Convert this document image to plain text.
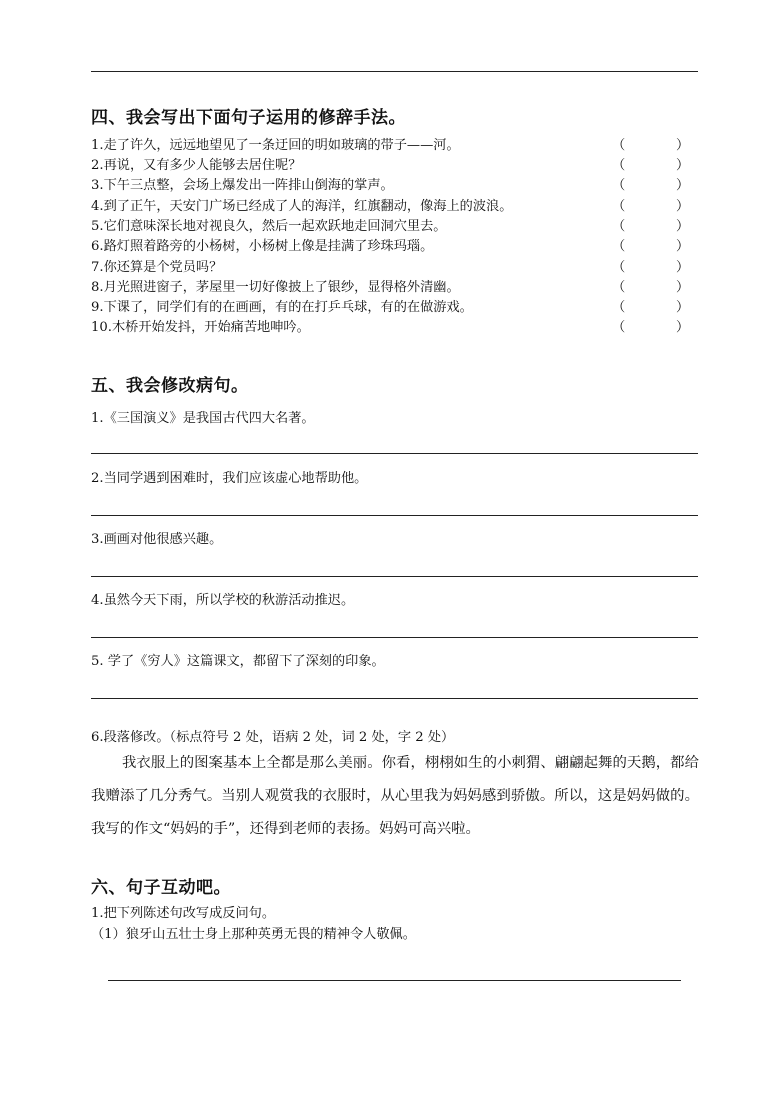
四、我会写出下面句子运用的修辞手法。
1.走了许久，远远地望见了一条迂回的明如玻璃的带子——河。	（	）
2.再说，又有多少人能够去居住呢？	（	）
3.下午三点整，会场上爆发出一阵排山倒海的掌声。	（	）
4.到了正午，天安门广场已经成了人的海洋，红旗翻动，像海上的波浪。	（	）
5.它们意味深长地对视良久，然后一起欢跃地走回洞穴里去。	（	）
6.路灯照着路旁的小杨树，小杨树上像是挂满了珍珠玛瑙。	（	）
7.你还算是个党员吗？	（	）
8.月光照进窗子，茅屋里一切好像披上了银纱，显得格外清幽。	（	）
9.下课了，同学们有的在画画，有的在打乒乓球，有的在做游戏。	（	）
10.木桥开始发抖，开始痛苦地呻吟。	（	）
五、我会修改病句。
1.《三国演义》是我国古代四大名著。
2.当同学遇到困难时，我们应该虚心地帮助他。
3.画画对他很感兴趣。
4.虽然今天下雨，所以学校的秋游活动推迟。
5. 学了《穷人》这篇课文，都留下了深刻的印象。
6.段落修改。（标点符号 2 处，语病 2 处，词 2 处，字 2 处）

我衣服上的图案基本上全都是那么美丽。你看，栩栩如生的小刺猬、翩翩起舞的天鹅，都给我赠添了几分秀气。当别人观赏我的衣服时，从心里我为妈妈感到骄傲。所以，这是妈妈做的。我写的作文“妈妈的手”，还得到老师的表扬。妈妈可高兴啦。

六、句子互动吧。
1.把下列陈述句改写成反问句。
（1）狼牙山五壮士身上那种英勇无畏的精神令人敬佩。
